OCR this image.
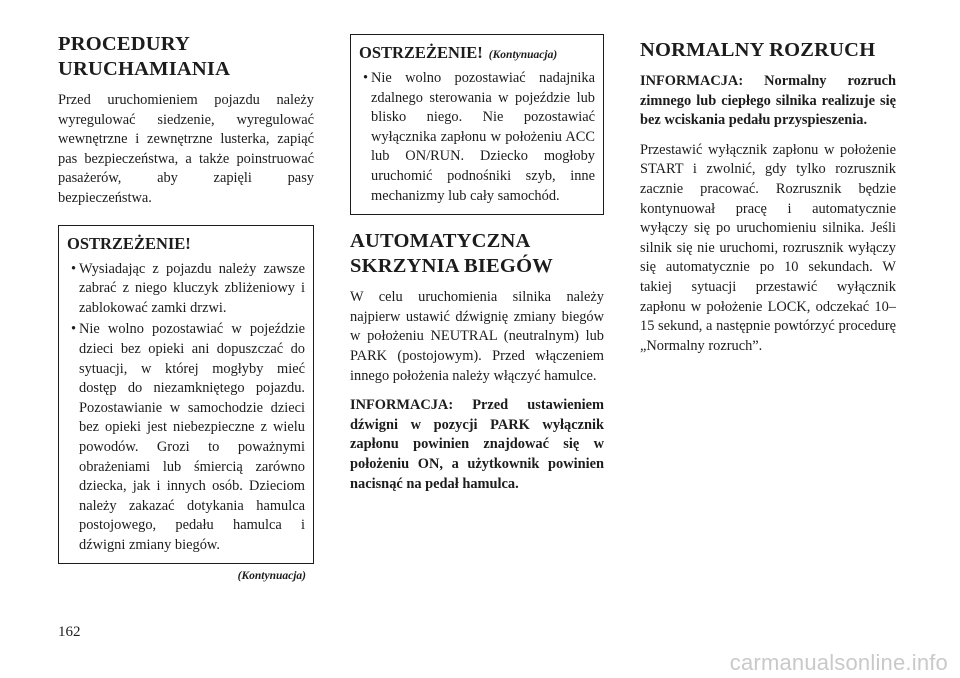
PROCEDURY
URUCHAMIANIA

Przed uruchomieniem pojazdu należy wyregulować siedzenie, wyregulować wewnętrzne i zewnętrzne lusterka, zapiąć pas bezpieczeństwa, a także poinstruować pasażerów, aby zapięli pasy bezpieczeństwa.

OSTRZEŻENIE!
• Wysiadając z pojazdu należy zawsze zabrać z niego kluczyk zbliżeniowy i zablokować zamki drzwi.
• Nie wolno pozostawiać w pojeździe dzieci bez opieki ani dopuszczać do sytuacji, w której mogłyby mieć dostęp do niezamkniętego pojazdu. Pozostawianie w samochodzie dzieci bez opieki jest niebezpieczne z wielu powodów. Grozi to poważnymi obrażeniami lub śmiercią zarówno dziecka, jak i innych osób. Dzieciom należy zakazać dotykania hamulca postojowego, pedału hamulca i dźwigni zmiany biegów.
(Kontynuacja)
OSTRZEŻENIE! (Kontynuacja)
• Nie wolno pozostawiać nadajnika zdalnego sterowania w pojeździe lub blisko niego. Nie pozostawiać wyłącznika zapłonu w położeniu ACC lub ON/RUN. Dziecko mogłoby uruchomić podnośniki szyb, inne mechanizmy lub cały samochód.
AUTOMATYCZNA
SKRZYNIA BIEGÓW

W celu uruchomienia silnika należy najpierw ustawić dźwignię zmiany biegów w położeniu NEUTRAL (neutralnym) lub PARK (postojowym). Przed włączeniem innego położenia należy włączyć hamulce.

INFORMACJA: Przed ustawieniem dźwigni w pozycji PARK wyłącznik zapłonu powinien znajdować się w położeniu ON, a użytkownik powinien nacisnąć na pedał hamulca.

NORMALNY ROZRUCH

INFORMACJA: Normalny rozruch zimnego lub ciepłego silnika realizuje się bez wciskania pedału przyspieszenia.

Przestawić wyłącznik zapłonu w położenie START i zwolnić, gdy tylko rozrusznik zacznie pracować. Rozrusznik będzie kontynuował pracę i automatycznie wyłączy się po uruchomieniu silnika. Jeśli silnik się nie uruchomi, rozrusznik wyłączy się automatycznie po 10 sekundach. W takiej sytuacji przestawić wyłącznik zapłonu w położenie LOCK, odczekać 10–15 sekund, a następnie powtórzyć procedurę „Normalny rozruch”.

162
carmanualsonline.info
